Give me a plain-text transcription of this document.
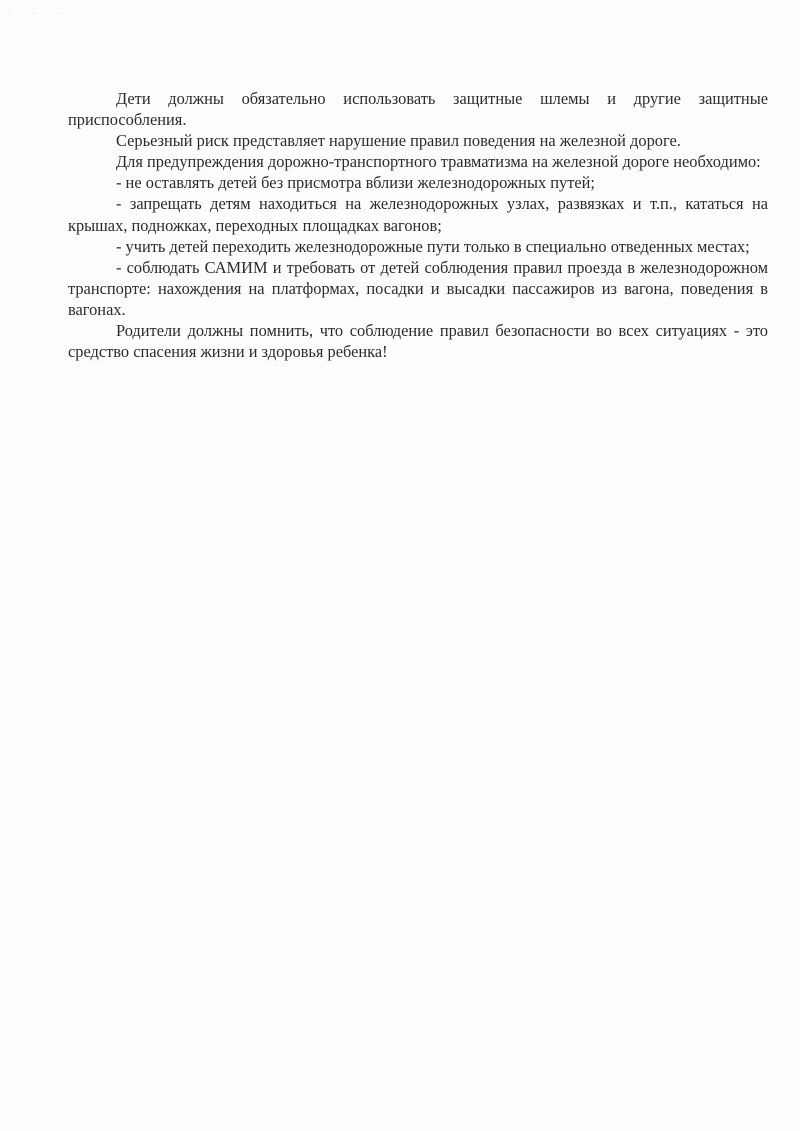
· · ·

Дети должны обязательно использовать защитные шлемы и другие защитные приспособления.

Серьезный риск представляет нарушение правил поведения на железной дороге.

Для предупреждения дорожно-транспортного травматизма на железной дороге необходимо:

- не оставлять детей без присмотра вблизи железнодорожных путей;

- запрещать детям находиться на железнодорожных узлах, развязках и т.п., кататься на крышах, подножках, переходных площадках вагонов;

- учить детей переходить железнодорожные пути только в специально отведенных местах;

- соблюдать САМИМ и требовать от детей соблюдения правил проезда в железнодорожном транспорте: нахождения на платформах, посадки и высадки пассажиров из вагона, поведения в вагонах.

Родители должны помнить, что соблюдение правил безопасности во всех ситуациях - это средство спасения жизни и здоровья ребенка!
